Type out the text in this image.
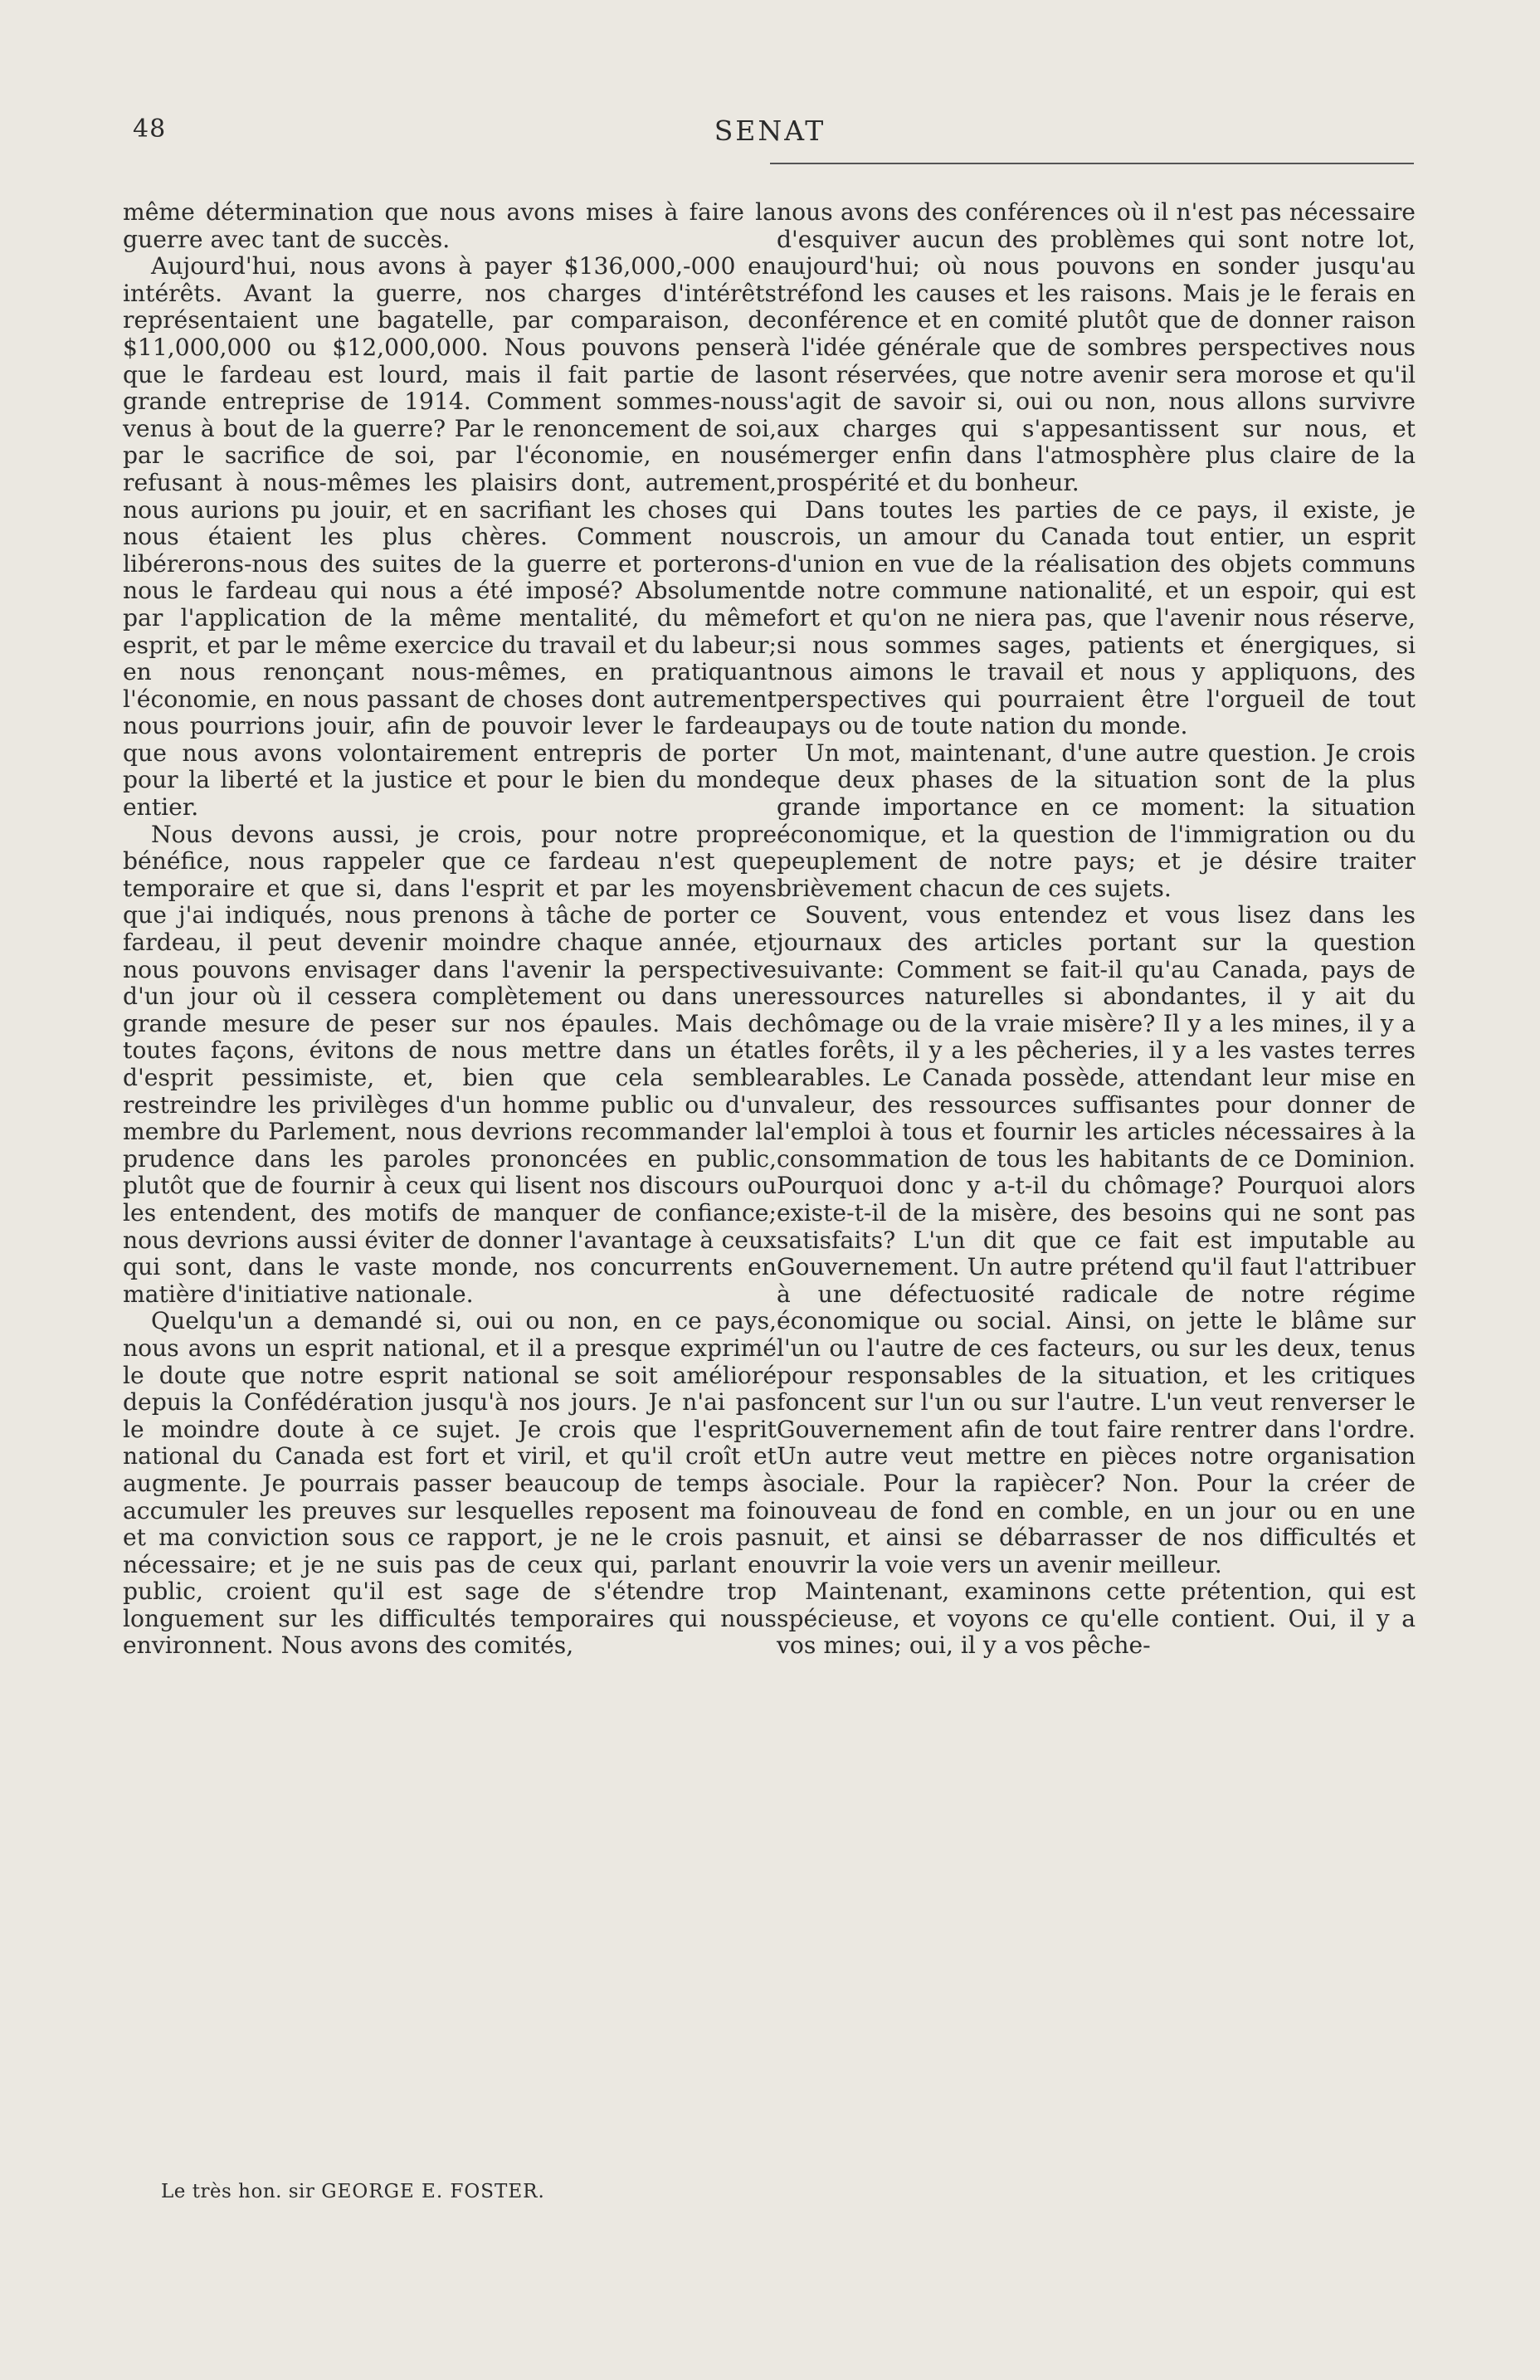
48	SENAT

même détermination que nous avons mises à faire la guerre avec tant de succès.

Aujourd'hui, nous avons à payer $136,000,-000 en intérêts. Avant la guerre, nos charges d'intérêts représentaient une bagatelle, par comparaison, de $11,000,000 ou $12,000,000. Nous pouvons penser que le fardeau est lourd, mais il fait partie de la grande entreprise de 1914. Comment sommes-nous venus à bout de la guerre? Par le renoncement de soi, par le sacrifice de soi, par l'économie, en nous refusant à nous-mêmes les plaisirs dont, autrement, nous aurions pu jouir, et en sacrifiant les choses qui nous étaient les plus chères. Comment nous libérerons-nous des suites de la guerre et porterons-nous le fardeau qui nous a été imposé? Absolument par l'application de la même mentalité, du même esprit, et par le même exercice du travail et du labeur; en nous renonçant nous-mêmes, en pratiquant l'économie, en nous passant de choses dont autrement nous pourrions jouir, afin de pouvoir lever le fardeau que nous avons volontairement entrepris de porter pour la liberté et la justice et pour le bien du monde entier.

Nous devons aussi, je crois, pour notre propre bénéfice, nous rappeler que ce fardeau n'est que temporaire et que si, dans l'esprit et par les moyens que j'ai indiqués, nous prenons à tâche de porter ce fardeau, il peut devenir moindre chaque année, et nous pouvons envisager dans l'avenir la perspective d'un jour où il cessera complètement ou dans une grande mesure de peser sur nos épaules. Mais de toutes façons, évitons de nous mettre dans un état d'esprit pessimiste, et, bien que cela semble restreindre les privilèges d'un homme public ou d'un membre du Parlement, nous devrions recommander la prudence dans les paroles prononcées en public, plutôt que de fournir à ceux qui lisent nos discours ou les entendent, des motifs de manquer de confiance; nous devrions aussi éviter de donner l'avantage à ceux qui sont, dans le vaste monde, nos concurrents en matière d'initiative nationale.

Quelqu'un a demandé si, oui ou non, en ce pays, nous avons un esprit national, et il a presque exprimé le doute que notre esprit national se soit amélioré depuis la Confédération jusqu'à nos jours. Je n'ai pas le moindre doute à ce sujet. Je crois que l'esprit national du Canada est fort et viril, et qu'il croît et augmente. Je pourrais passer beaucoup de temps à accumuler les preuves sur lesquelles reposent ma foi et ma conviction sous ce rapport, je ne le crois pas nécessaire; et je ne suis pas de ceux qui, parlant en public, croient qu'il est sage de s'étendre trop longuement sur les difficultés temporaires qui nous environnent. Nous avons des comités,

nous avons des conférences où il n'est pas nécessaire d'esquiver aucun des problèmes qui sont notre lot, aujourd'hui; où nous pouvons en sonder jusqu'au tréfond les causes et les raisons. Mais je le ferais en conférence et en comité plutôt que de donner raison à l'idée générale que de sombres perspectives nous sont réservées, que notre avenir sera morose et qu'il s'agit de savoir si, oui ou non, nous allons survivre aux charges qui s'appesantissent sur nous, et émerger enfin dans l'atmosphère plus claire de la prospérité et du bonheur.

Dans toutes les parties de ce pays, il existe, je crois, un amour du Canada tout entier, un esprit d'union en vue de la réalisation des objets communs de notre commune nationalité, et un espoir, qui est fort et qu'on ne niera pas, que l'avenir nous réserve, si nous sommes sages, patients et énergiques, si nous aimons le travail et nous y appliquons, des perspectives qui pourraient être l'orgueil de tout pays ou de toute nation du monde.

Un mot, maintenant, d'une autre question. Je crois que deux phases de la situation sont de la plus grande importance en ce moment: la situation économique, et la question de l'immigration ou du peuplement de notre pays; et je désire traiter brièvement chacun de ces sujets.

Souvent, vous entendez et vous lisez dans les journaux des articles portant sur la question suivante: Comment se fait-il qu'au Canada, pays de ressources naturelles si abondantes, il y ait du chômage ou de la vraie misère? Il y a les mines, il y a les forêts, il y a les pêcheries, il y a les vastes terres arables. Le Canada possède, attendant leur mise en valeur, des ressources suffisantes pour donner de l'emploi à tous et fournir les articles nécessaires à la consommation de tous les habitants de ce Dominion. Pourquoi donc y a-t-il du chômage? Pourquoi alors existe-t-il de la misère, des besoins qui ne sont pas satisfaits? L'un dit que ce fait est imputable au Gouvernement. Un autre prétend qu'il faut l'attribuer à une défectuosité radicale de notre régime économique ou social. Ainsi, on jette le blâme sur l'un ou l'autre de ces facteurs, ou sur les deux, tenus pour responsables de la situation, et les critiques foncent sur l'un ou sur l'autre. L'un veut renverser le Gouvernement afin de tout faire rentrer dans l'ordre. Un autre veut mettre en pièces notre organisation sociale. Pour la rapiècer? Non. Pour la créer de nouveau de fond en comble, en un jour ou en une nuit, et ainsi se débarrasser de nos difficultés et ouvrir la voie vers un avenir meilleur.

Maintenant, examinons cette prétention, qui est spécieuse, et voyons ce qu'elle contient. Oui, il y a vos mines; oui, il y a vos pêche-

Le très hon. sir GEORGE E. FOSTER.
